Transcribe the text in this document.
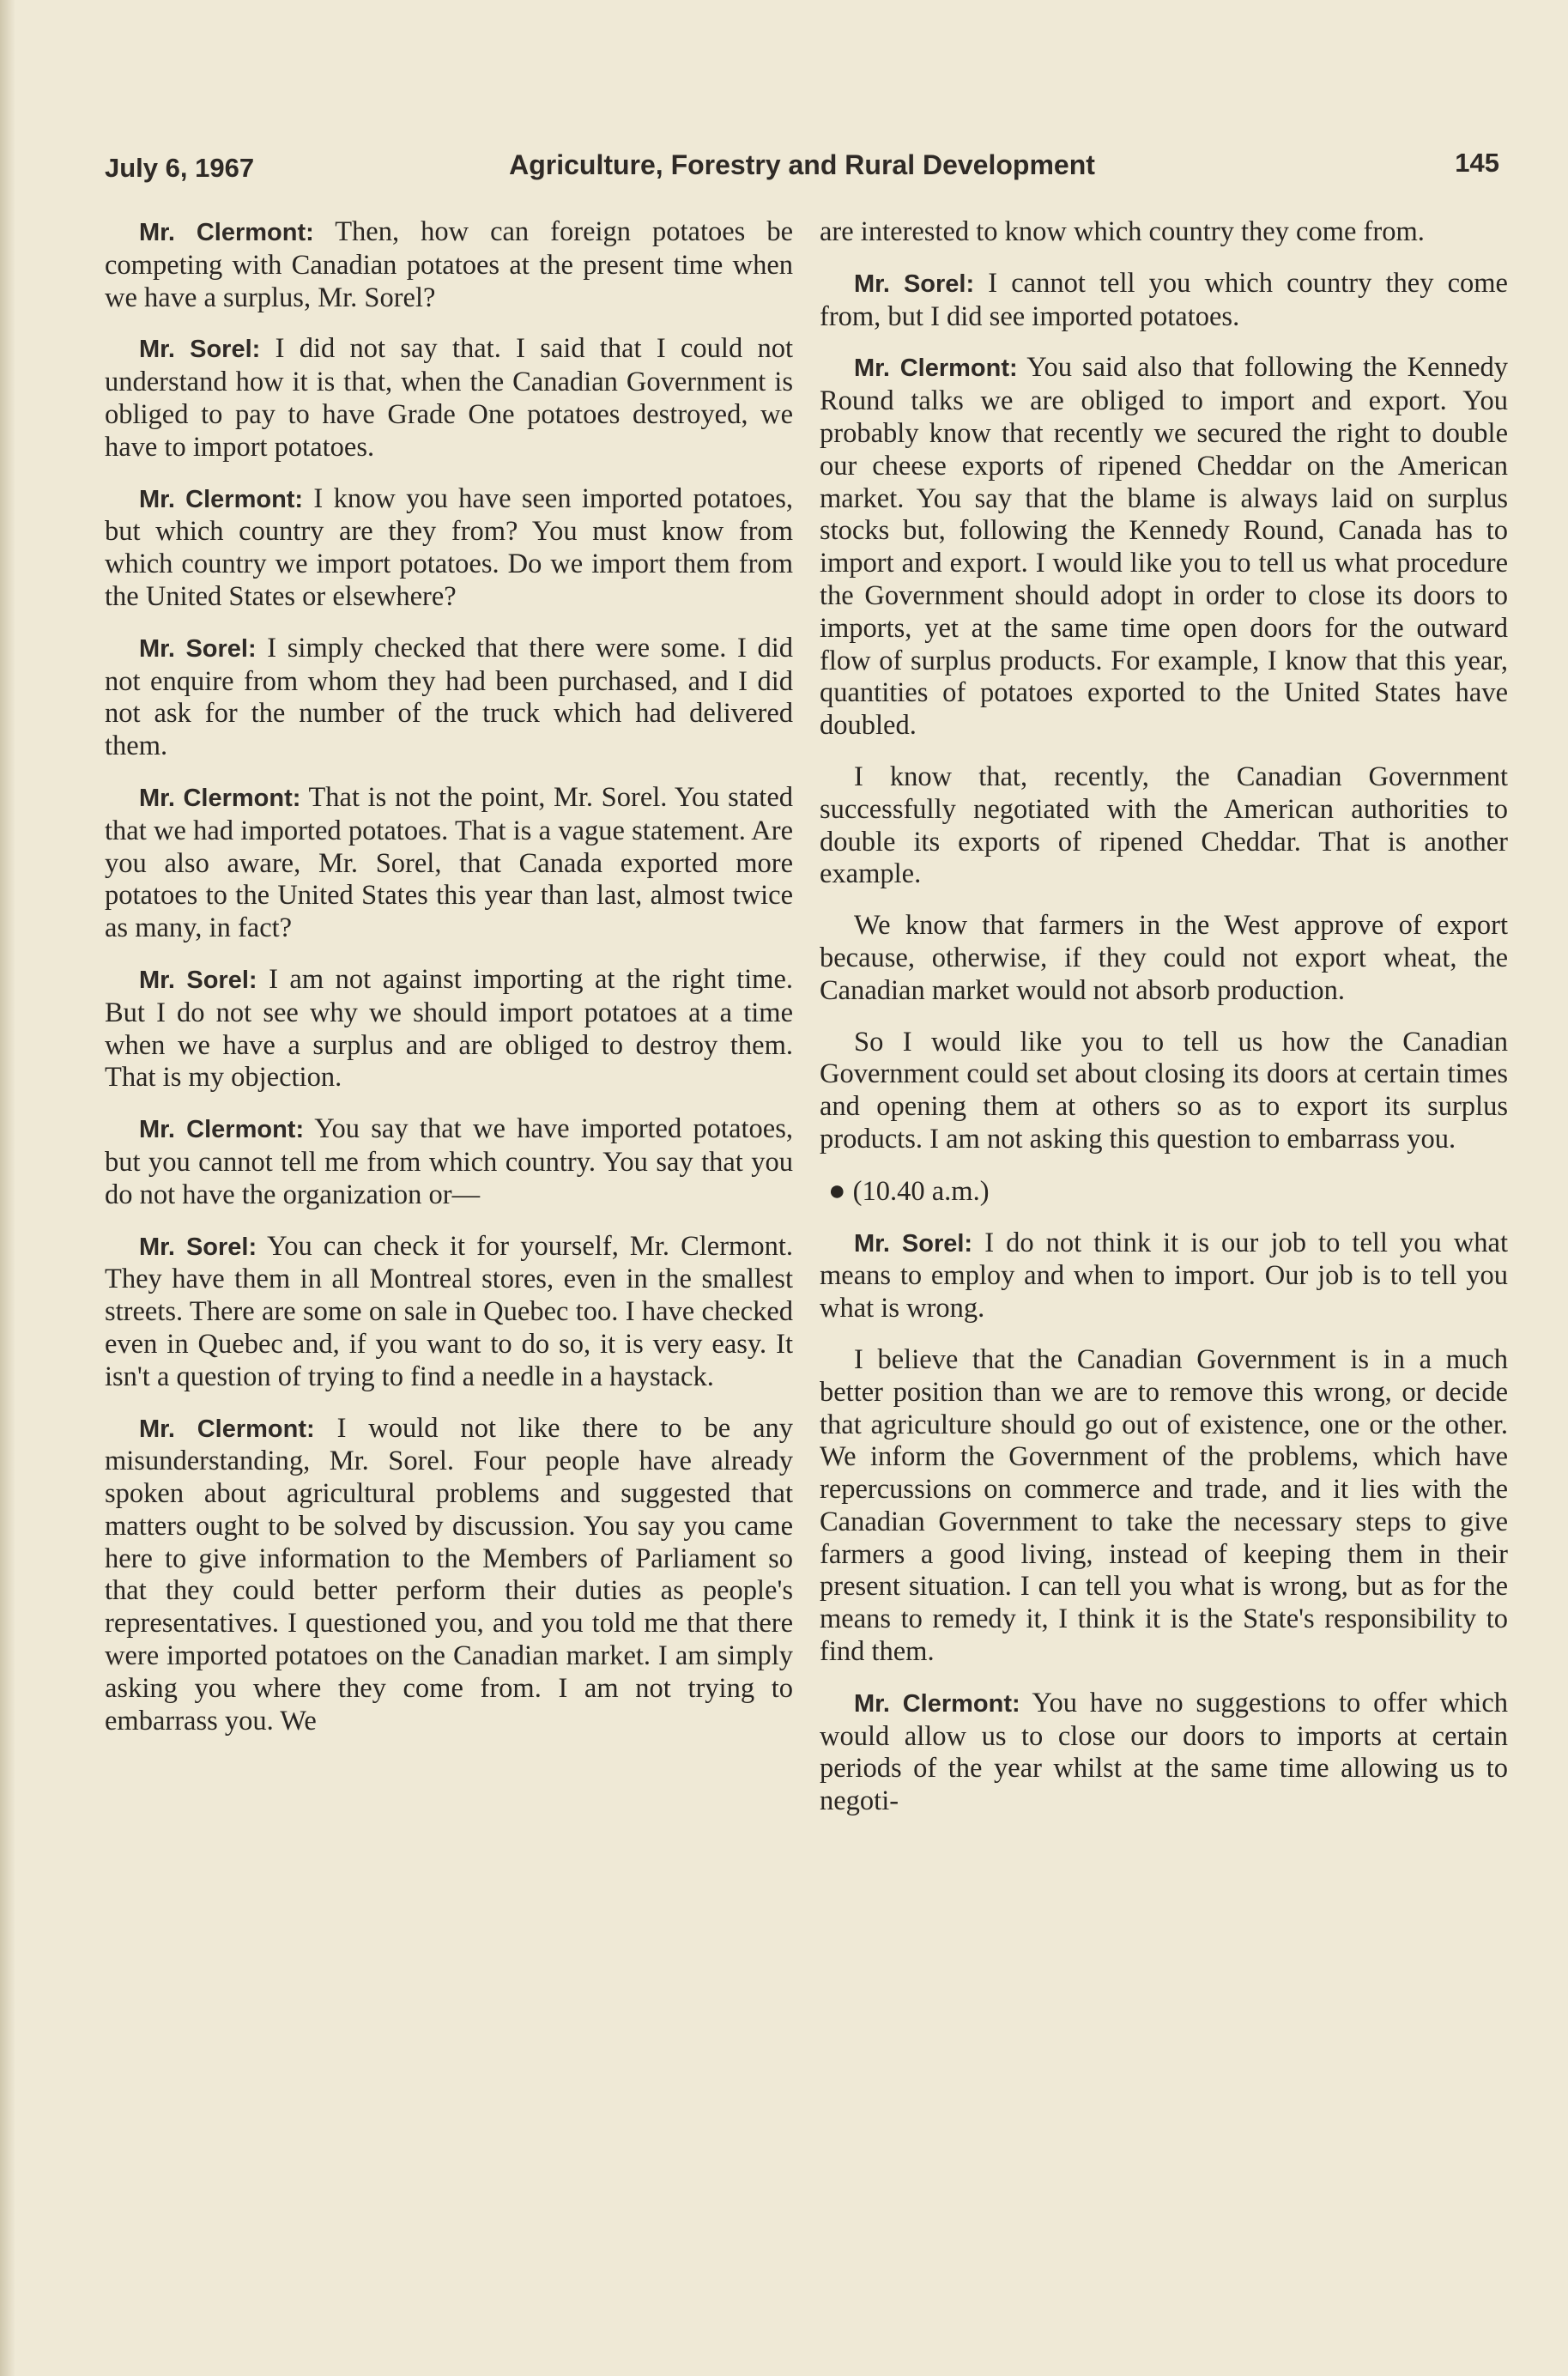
July 6, 1967	Agriculture, Forestry and Rural Development	145

Mr. Clermont: Then, how can foreign potatoes be competing with Canadian potatoes at the present time when we have a surplus, Mr. Sorel?

Mr. Sorel: I did not say that. I said that I could not understand how it is that, when the Canadian Government is obliged to pay to have Grade One potatoes destroyed, we have to import potatoes.

Mr. Clermont: I know you have seen imported potatoes, but which country are they from? You must know from which country we import potatoes. Do we import them from the United States or elsewhere?

Mr. Sorel: I simply checked that there were some. I did not enquire from whom they had been purchased, and I did not ask for the number of the truck which had delivered them.

Mr. Clermont: That is not the point, Mr. Sorel. You stated that we had imported potatoes. That is a vague statement. Are you also aware, Mr. Sorel, that Canada exported more potatoes to the United States this year than last, almost twice as many, in fact?

Mr. Sorel: I am not against importing at the right time. But I do not see why we should import potatoes at a time when we have a surplus and are obliged to destroy them. That is my objection.

Mr. Clermont: You say that we have imported potatoes, but you cannot tell me from which country. You say that you do not have the organization or—

Mr. Sorel: You can check it for yourself, Mr. Clermont. They have them in all Montreal stores, even in the smallest streets. There are some on sale in Quebec too. I have checked even in Quebec and, if you want to do so, it is very easy. It isn't a question of trying to find a needle in a haystack.

Mr. Clermont: I would not like there to be any misunderstanding, Mr. Sorel. Four people have already spoken about agricultural problems and suggested that matters ought to be solved by discussion. You say you came here to give information to the Members of Parliament so that they could better perform their duties as people's representatives. I questioned you, and you told me that there were imported potatoes on the Canadian market. I am simply asking you where they come from. I am not trying to embarrass you. We

are interested to know which country they come from.

Mr. Sorel: I cannot tell you which country they come from, but I did see imported potatoes.

Mr. Clermont: You said also that following the Kennedy Round talks we are obliged to import and export. You probably know that recently we secured the right to double our cheese exports of ripened Cheddar on the American market. You say that the blame is always laid on surplus stocks but, following the Kennedy Round, Canada has to import and export. I would like you to tell us what procedure the Government should adopt in order to close its doors to imports, yet at the same time open doors for the outward flow of surplus products. For example, I know that this year, quantities of potatoes exported to the United States have doubled.

I know that, recently, the Canadian Government successfully negotiated with the American authorities to double its exports of ripened Cheddar. That is another example.

We know that farmers in the West approve of export because, otherwise, if they could not export wheat, the Canadian market would not absorb production.

So I would like you to tell us how the Canadian Government could set about closing its doors at certain times and opening them at others so as to export its surplus products. I am not asking this question to embarrass you.

● (10.40 a.m.)

Mr. Sorel: I do not think it is our job to tell you what means to employ and when to import. Our job is to tell you what is wrong.

I believe that the Canadian Government is in a much better position than we are to remove this wrong, or decide that agriculture should go out of existence, one or the other. We inform the Government of the problems, which have repercussions on commerce and trade, and it lies with the Canadian Government to take the necessary steps to give farmers a good living, instead of keeping them in their present situation. I can tell you what is wrong, but as for the means to remedy it, I think it is the State's responsibility to find them.

Mr. Clermont: You have no suggestions to offer which would allow us to close our doors to imports at certain periods of the year whilst at the same time allowing us to negoti-
